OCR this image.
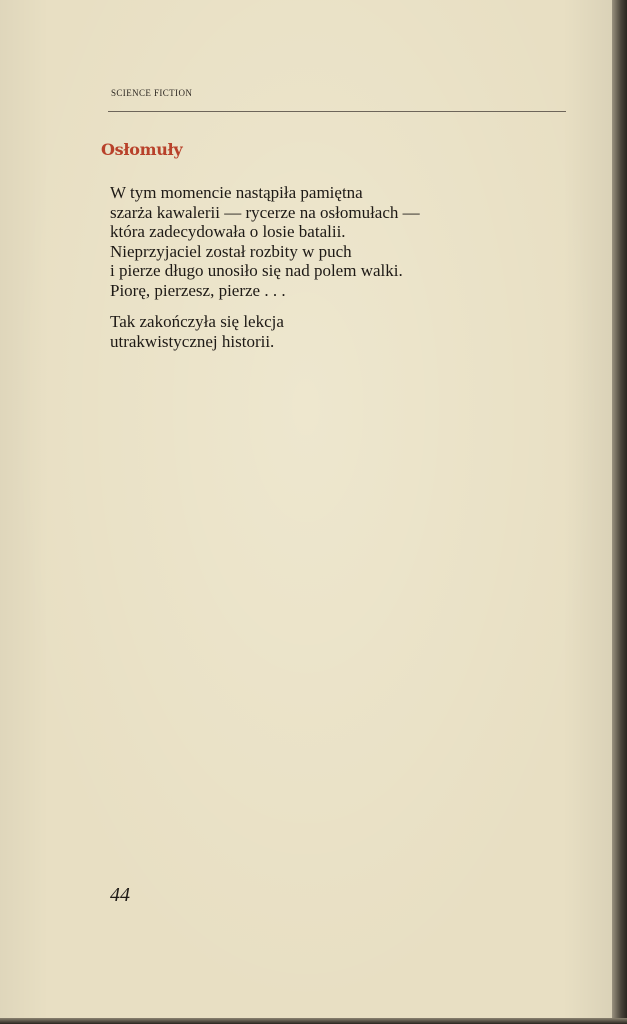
SCIENCE FICTION
Osłomuły
W tym momencie nastąpiła pamiętna
szarża kawalerii — rycerze na osłomułach —
która zadecydowała o losie batalii.
Nieprzyjaciel został rozbity w puch
i pierze długo unosiło się nad polem walki.
Piorę, pierzesz, pierze . . .
Tak zakończyła się lekcja
utrakwistycznej historii.
44
